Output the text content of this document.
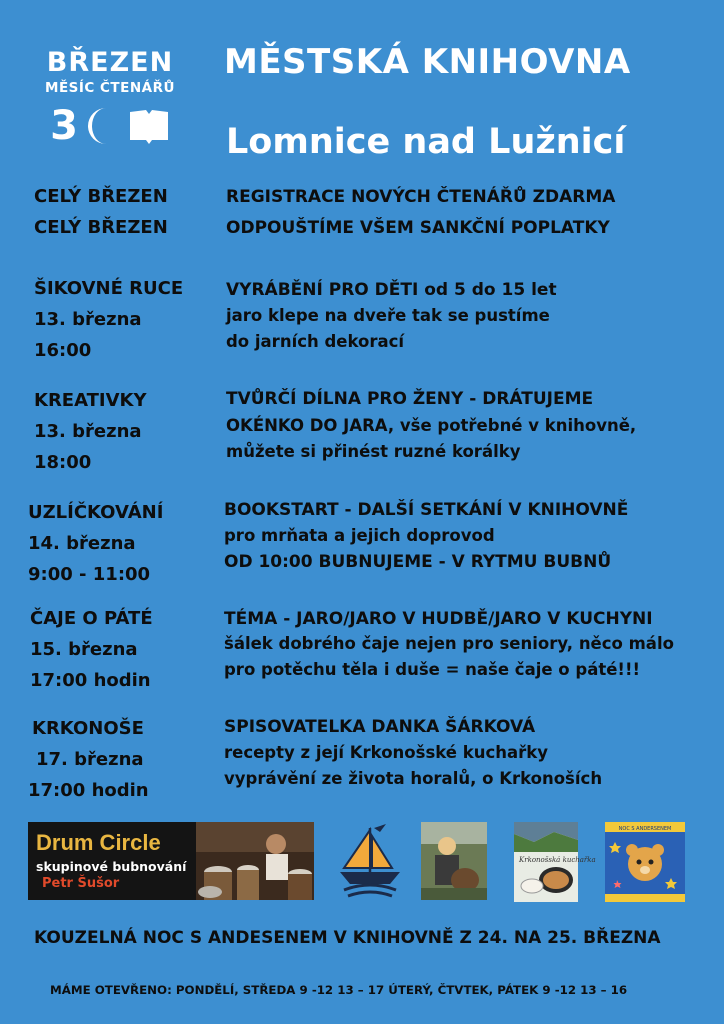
BŘEZEN
MĚSÍC ČTENÁŘŮ
3
MĚSTSKÁ KNIHOVNA
Lomnice nad Lužnicí
CELÝ BŘEZEN
CELÝ BŘEZEN
REGISTRACE NOVÝCH ČTENÁŘŮ ZDARMA
ODPOUŠTÍME VŠEM SANKČNÍ POPLATKY
ŠIKOVNÉ RUCE
13. března
16:00
VYRÁBĚNÍ PRO DĚTI od 5 do 15 let
jaro klepe na dveře tak se pustíme
do jarních dekorací
KREATIVKY
13. března
18:00
TVŮRČÍ DÍLNA PRO ŽENY - DRÁTUJEME
OKÉNKO DO JARA, vše potřebné v knihovně,
můžete si přinést ruzné korálky
UZLÍČKOVÁNÍ
14. března
9:00 - 11:00
BOOKSTART - DALŠÍ SETKÁNÍ V KNIHOVNĚ
pro mrňata a jejich doprovod
OD 10:00 BUBNUJEME - V RYTMU BUBNŮ
ČAJE O PÁTÉ
15. března
17:00 hodin
TÉMA - JARO/JARO V HUDBĚ/JARO V KUCHYNI
šálek dobrého čaje nejen pro seniory, něco málo
pro potěchu těla i duše = naše čaje o páté!!!
KRKONOŠE
17. března
17:00 hodin
SPISOVATELKA DANKA ŠÁRKOVÁ
recepty z její Krkonošské kuchařky
vyprávění ze života horalů, o Krkonoších
Drum Circle
skupinové bubnování
Petr Šušor
Krkonošská kuchařka
NOC S ANDERSENEM
KOUZELNÁ NOC S ANDESENEM V KNIHOVNĚ Z 24. NA 25. BŘEZNA
MÁME OTEVŘENO: PONDĚLÍ, STŘEDA 9 -12 13 – 17 ÚTERÝ, ČTVTEK, PÁTEK 9 -12 13 – 16
